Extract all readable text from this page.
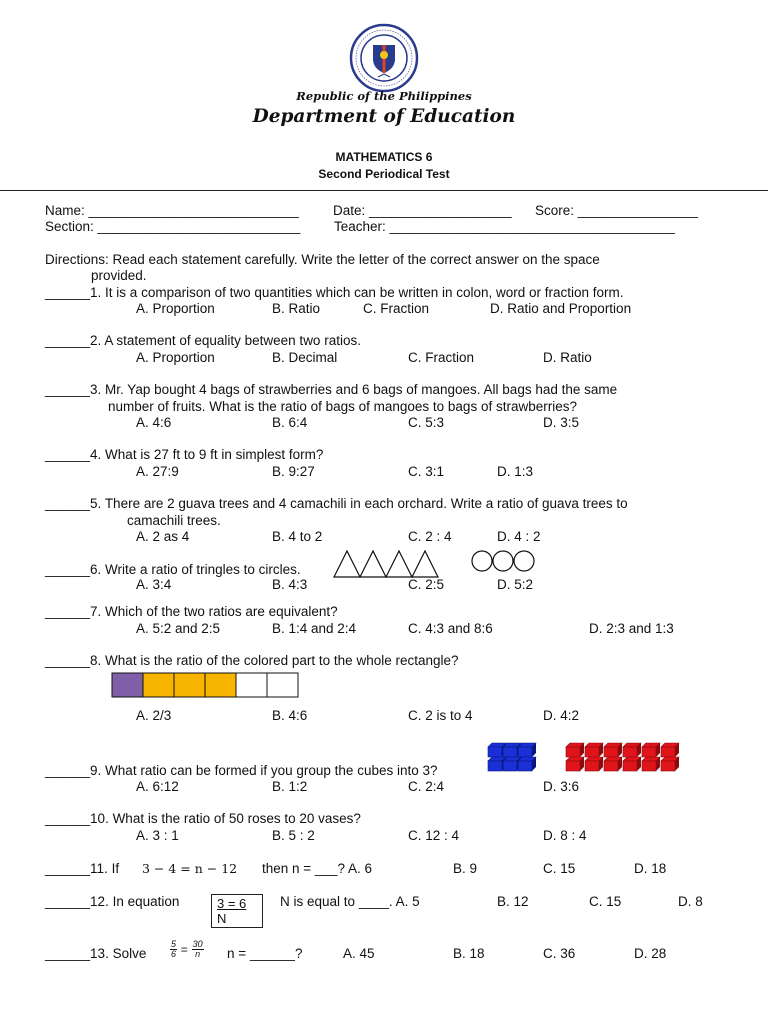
Republic of the Philippines
Department of Education
MATHEMATICS 6
Second Periodical Test
Name: ____________________________	Date: ___________________ Score: ________________
Section: ___________________________	Teacher: ______________________________________
Directions: Read each statement carefully. Write the letter of the correct answer on the space
provided.
______1. It is a comparison of two quantities which can be written in colon, word or fraction form.
A. Proportion	B. Ratio	C. Fraction	D. Ratio and Proportion
______2. A statement of equality between two ratios.
A. Proportion	B. Decimal	C. Fraction	D. Ratio
______3. Mr. Yap bought 4 bags of strawberries and 6 bags of mangoes. All bags had the same
number of fruits. What is the ratio of bags of mangoes to bags of strawberries?
A. 4:6	B. 6:4	C. 5:3	D. 3:5
______4. What is 27 ft to 9 ft in simplest form?
A. 27:9	B. 9:27	C. 3:1	D. 1:3
______5. There are 2 guava trees and 4 camachili in each orchard. Write a ratio of guava trees to
camachili trees.
A. 2 as 4	B. 4 to 2	C. 2 : 4	D. 4 : 2
______6. Write a ratio of tringles to circles.
A. 3:4	B. 4:3	C. 2:5	D. 5:2
______7. Which of the two ratios are equivalent?
A. 5:2 and 2:5	B. 1:4 and 2:4	C. 4:3 and 8:6	D. 2:3 and 1:3
______8. What is the ratio of the colored part to the whole rectangle?
A. 2/3	B. 4:6	C. 2 is to 4	D. 4:2
______9. What ratio can be formed if you group the cubes into 3?
A. 6:12	B. 1:2	C. 2:4	D. 3:6
______10. What is the ratio of 50 roses to 20 vases?
A. 3 : 1	B. 5 : 2	C. 12 : 4	D. 8 : 4
______11. If 3 − 4 = n − 12 then n = ___? A. 6	B. 9	C. 15	D. 18
______12. In equation	3 = 6
N
N is equal to ____. A. 5	B. 12	C. 15	D. 8
______13. Solve	$\frac{5}{6} = \frac{30}{n}$ n = ______?	A. 45	B. 18	C. 36	D. 28
